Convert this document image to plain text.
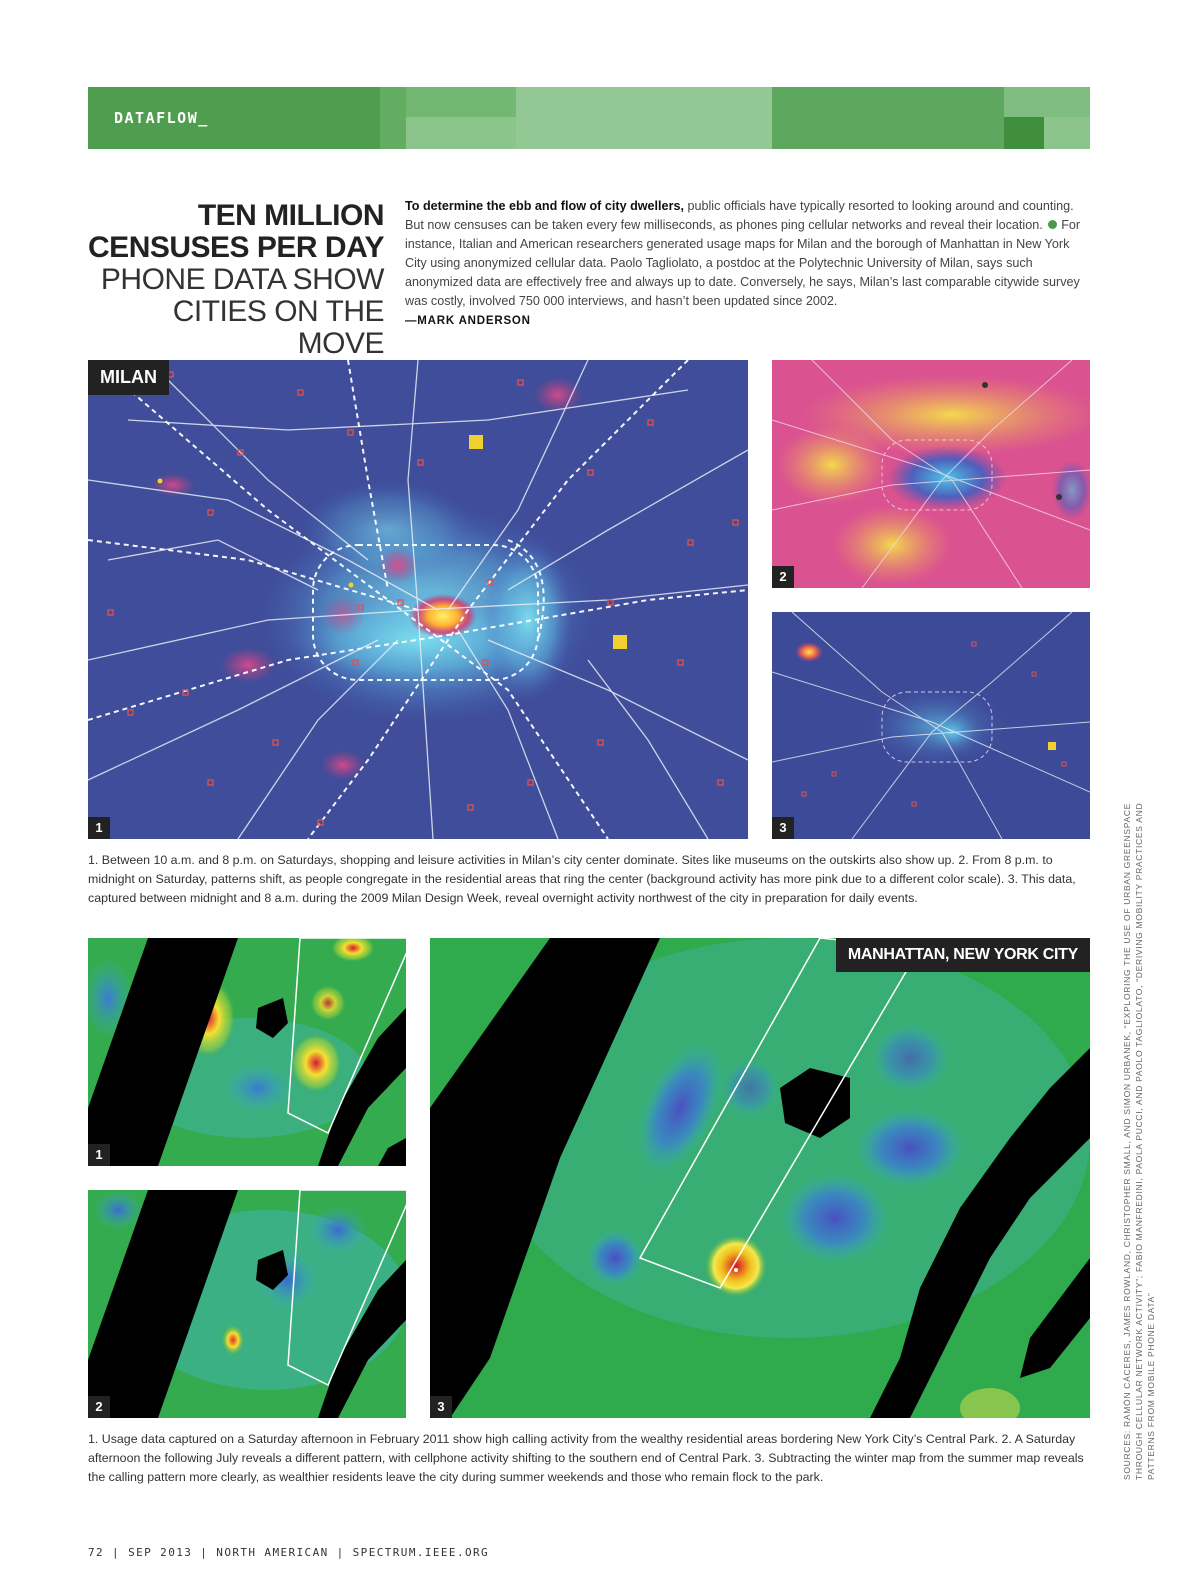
DATAFLOW_
TEN MILLION
CENSUSES PER DAY
PHONE DATA SHOW
CITIES ON THE MOVE
To determine the ebb and flow of city dwellers, public officials have typically resorted to looking around and counting. But now censuses can be taken every few milliseconds, as phones ping cellular networks and reveal their location. For instance, Italian and American researchers generated usage maps for Milan and the borough of Manhattan in New York City using anonymized cellular data. Paolo Tagliolato, a postdoc at the Polytechnic University of Milan, says such anonymized data are effectively free and always up to date. Conversely, he says, Milan’s last comparable citywide survey was costly, involved 750 000 interviews, and hasn’t been updated since 2002.
—MARK ANDERSON
MILAN
1
2
3
1. Between 10 a.m. and 8 p.m. on Saturdays, shopping and leisure activities in Milan’s city center dominate. Sites like museums on the outskirts also show up. 2. From 8 p.m. to midnight on Saturday, patterns shift, as people congregate in the residential areas that ring the center (background activity has more pink due to a different color scale). 3. This data, captured between midnight and 8 a.m. during the 2009 Milan Design Week, reveal overnight activity northwest of the city in preparation for daily events.
1
2
MANHATTAN, NEW YORK CITY
3
1. Usage data captured on a Saturday afternoon in February 2011 show high calling activity from the wealthy residential areas bordering New York City’s Central Park. 2. A Saturday afternoon the following July reveals a different pattern, with cellphone activity shifting to the southern end of Central Park. 3. Subtracting the winter map from the summer map reveals the calling pattern more clearly, as wealthier residents leave the city during summer weekends and those who remain flock to the park.
72 | SEP 2013 | NORTH AMERICAN | SPECTRUM.IEEE.ORG
SOURCES: RAMÓN CÁCERES, JAMES ROWLAND, CHRISTOPHER SMALL, AND SIMON URBANEK, “EXPLORING THE USE OF URBAN GREENSPACE THROUGH CELLULAR NETWORK ACTIVITY”; FABIO MANFREDINI, PAOLA PUCCI, AND PAOLO TAGLIOLATO, “DERIVING MOBILITY PRACTICES AND PATTERNS FROM MOBILE PHONE DATA”
